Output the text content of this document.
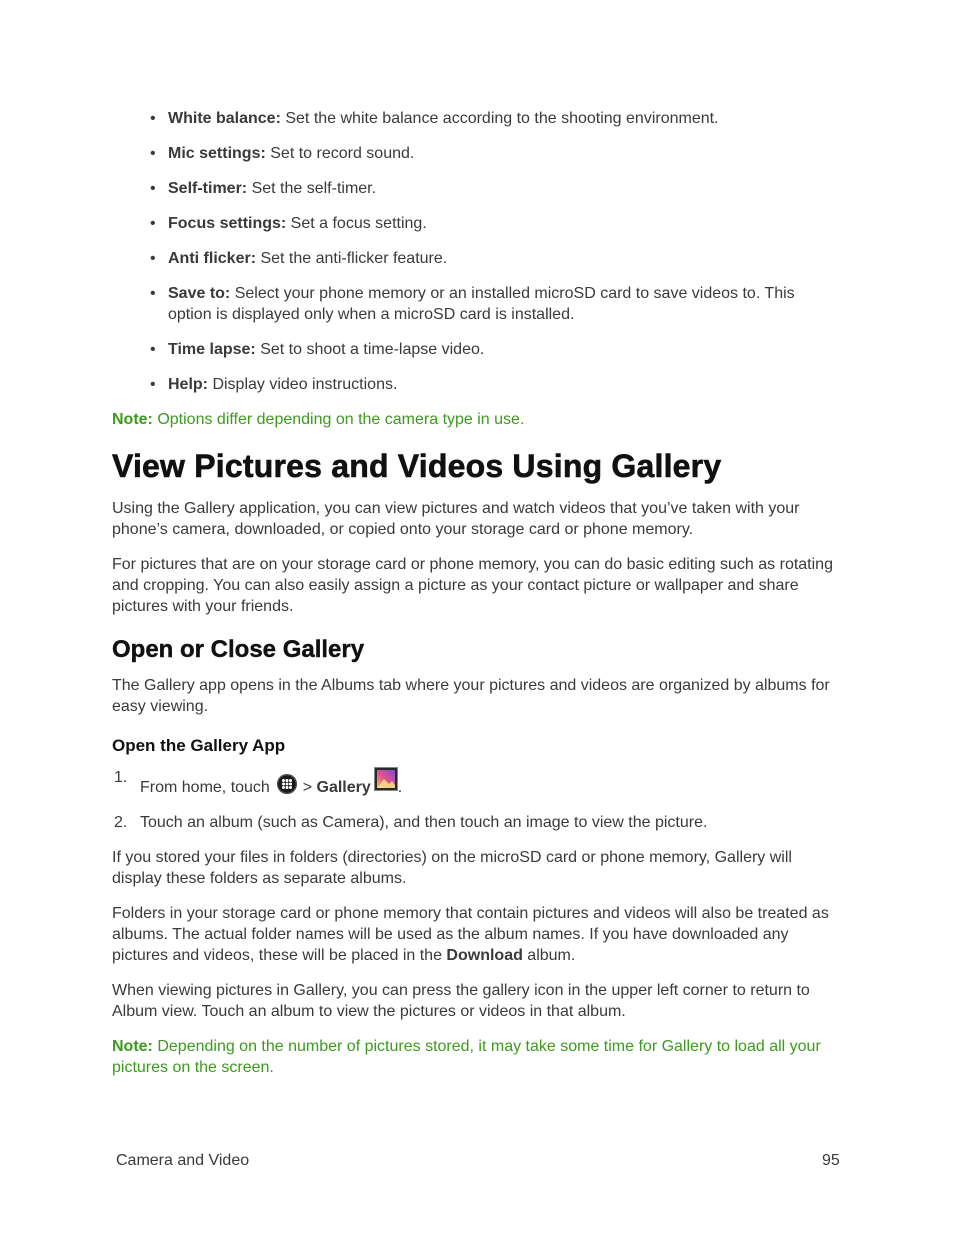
• White balance: Set the white balance according to the shooting environment.
• Mic settings: Set to record sound.
• Self-timer: Set the self-timer.
• Focus settings: Set a focus setting.
• Anti flicker: Set the anti-flicker feature.
• Save to: Select your phone memory or an installed microSD card to save videos to. This option is displayed only when a microSD card is installed.
• Time lapse: Set to shoot a time-lapse video.
• Help: Display video instructions.

Note: Options differ depending on the camera type in use.

View Pictures and Videos Using Gallery

Using the Gallery application, you can view pictures and watch videos that you’ve taken with your phone’s camera, downloaded, or copied onto your storage card or phone memory.

For pictures that are on your storage card or phone memory, you can do basic editing such as rotating and cropping. You can also easily assign a picture as your contact picture or wallpaper and share pictures with your friends.

Open or Close Gallery

The Gallery app opens in the Albums tab where your pictures and videos are organized by albums for easy viewing.

Open the Gallery App
1.
From home, touch
> Gallery .
2. Touch an album (such as Camera), and then touch an image to view the picture.

If you stored your files in folders (directories) on the microSD card or phone memory, Gallery will display these folders as separate albums.

Folders in your storage card or phone memory that contain pictures and videos will also be treated as albums. The actual folder names will be used as the album names. If you have downloaded any pictures and videos, these will be placed in the Download album.

When viewing pictures in Gallery, you can press the gallery icon in the upper left corner to return to Album view. Touch an album to view the pictures or videos in that album.

Note: Depending on the number of pictures stored, it may take some time for Gallery to load all your pictures on the screen.

Camera and Video	95
